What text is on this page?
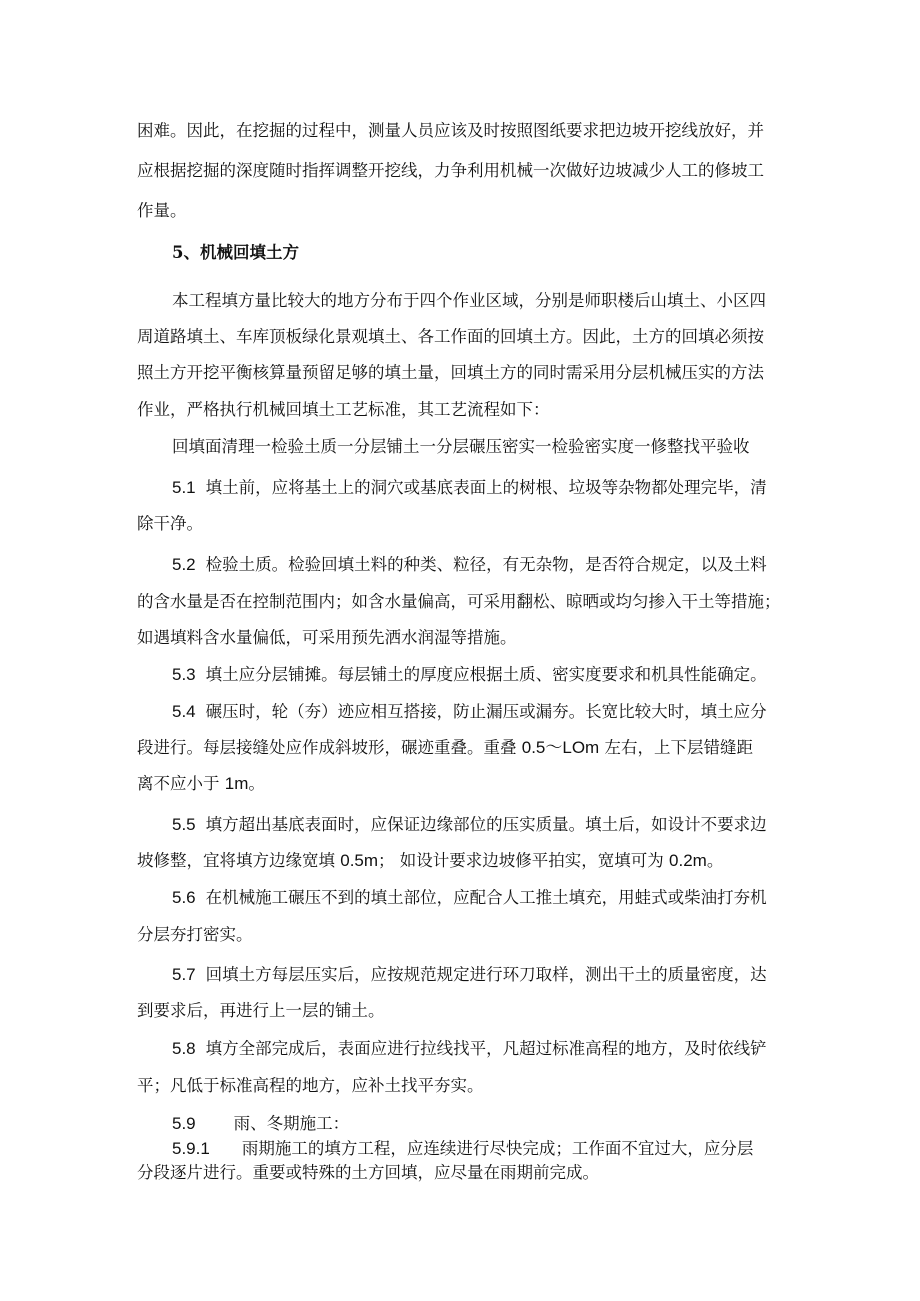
困难。因此，在挖掘的过程中，测量人员应该及时按照图纸要求把边坡开挖线放好，并
应根据挖掘的深度随时指挥调整开挖线，力争利用机械一次做好边坡减少人工的修坡工
作量。
5、机械回填土方
本工程填方量比较大的地方分布于四个作业区域，分别是师职楼后山填土、小区四
周道路填土、车库顶板绿化景观填土、各工作面的回填土方。因此，土方的回填必须按
照土方开挖平衡核算量预留足够的填土量，回填土方的同时需采用分层机械压实的方法
作业，严格执行机械回填土工艺标准，其工艺流程如下：
回填面清理一检验土质一分层铺土一分层碾压密实一检验密实度一修整找平验收
5.1 填土前，应将基土上的洞穴或基底表面上的树根、垃圾等杂物都处理完毕，清
除干净。
5.2 检验土质。检验回填土料的种类、粒径，有无杂物，是否符合规定，以及土料
的含水量是否在控制范围内；如含水量偏高，可采用翻松、晾晒或均匀掺入干土等措施；
如遇填料含水量偏低，可采用预先洒水润湿等措施。
5.3 填土应分层铺摊。每层铺土的厚度应根据土质、密实度要求和机具性能确定。
5.4 碾压时，轮（夯）迹应相互搭接，防止漏压或漏夯。长宽比较大时，填土应分
段进行。每层接缝处应作成斜坡形，碾迹重叠。重叠 0.5～LOm 左右，上下层错缝距
离不应小于 1m。
5.5 填方超出基底表面时，应保证边缘部位的压实质量。填土后，如设计不要求边
坡修整，宜将填方边缘宽填 0.5m； 如设计要求边坡修平拍实，宽填可为 0.2m。
5.6 在机械施工碾压不到的填土部位，应配合人工推土填充，用蛙式或柴油打夯机
分层夯打密实。
5.7 回填土方每层压实后，应按规范规定进行环刀取样，测出干土的质量密度，达
到要求后，再进行上一层的铺土。
5.8 填方全部完成后，表面应进行拉线找平，凡超过标准高程的地方，及时依线铲
平；凡低于标准高程的地方，应补土找平夯实。
5.9 雨、冬期施工：
5.9.1 雨期施工的填方工程，应连续进行尽快完成；工作面不宜过大，应分层
分段逐片进行。重要或特殊的土方回填，应尽量在雨期前完成。
